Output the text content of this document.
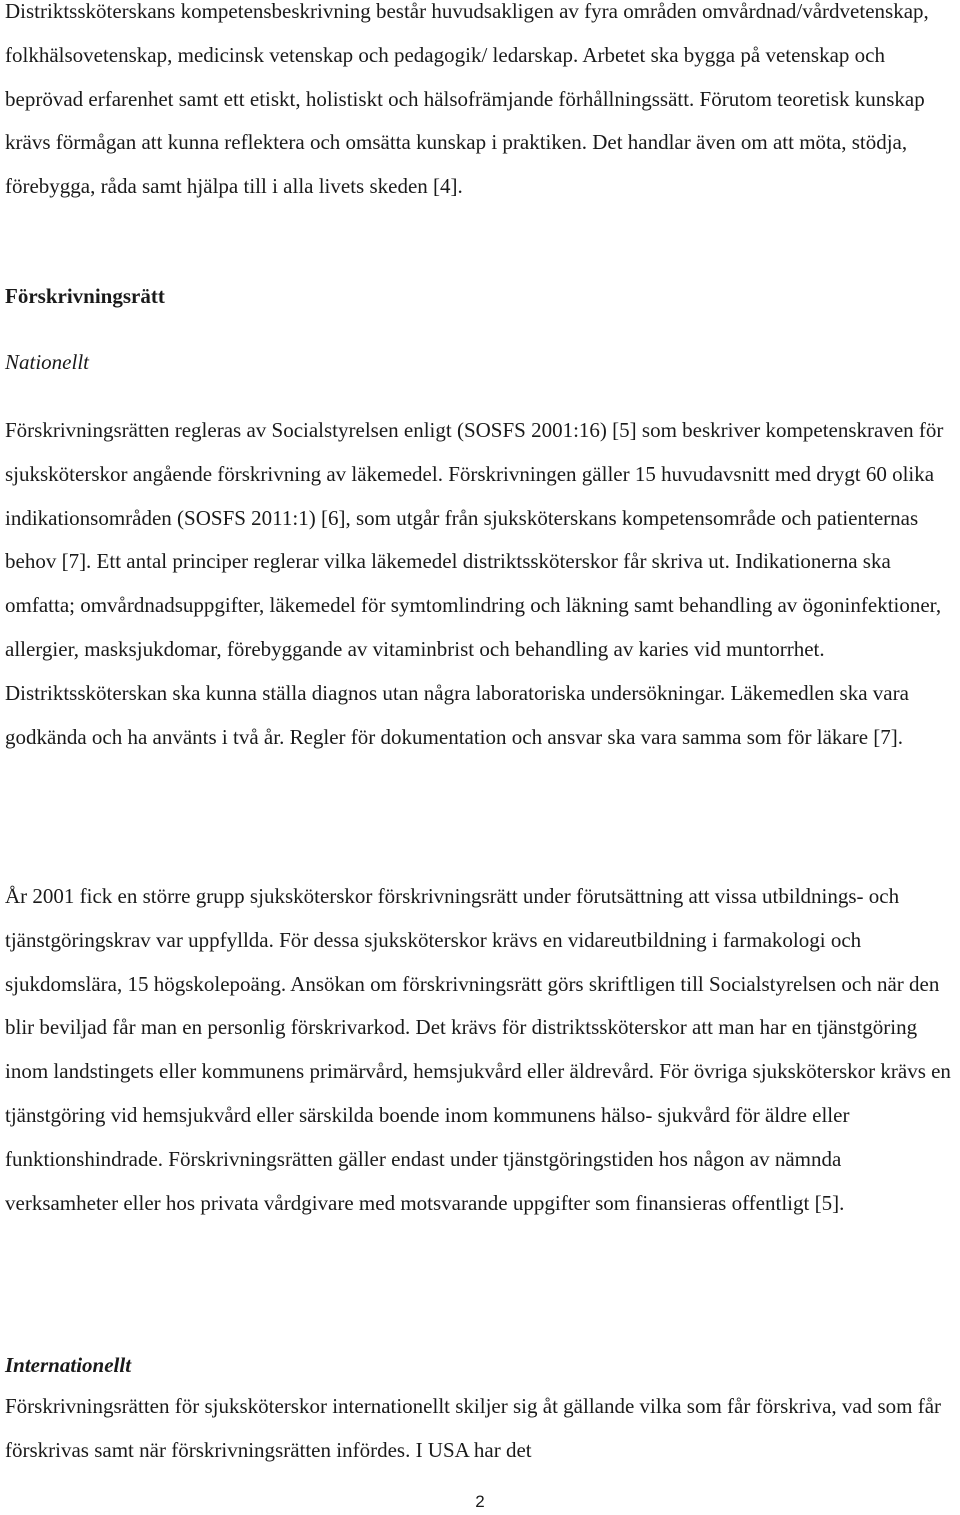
Distriktssköterskans kompetensbeskrivning består huvudsakligen av fyra områden omvårdnad/vårdvetenskap, folkhälsovetenskap, medicinsk vetenskap och pedagogik/ ledarskap. Arbetet ska bygga på vetenskap och beprövad erfarenhet samt ett etiskt, holistiskt och hälsofrämjande förhållningssätt. Förutom teoretisk kunskap krävs förmågan att kunna reflektera och omsätta kunskap i praktiken. Det handlar även om att möta, stödja, förebygga, råda samt hjälpa till i alla livets skeden [4].

Förskrivningsrätt
Nationellt

Förskrivningsrätten regleras av Socialstyrelsen enligt (SOSFS 2001:16) [5] som beskriver kompetenskraven för sjuksköterskor angående förskrivning av läkemedel. Förskrivningen gäller 15 huvudavsnitt med drygt 60 olika indikationsområden (SOSFS 2011:1) [6], som utgår från sjuksköterskans kompetensområde och patienternas behov [7]. Ett antal principer reglerar vilka läkemedel distriktssköterskor får skriva ut. Indikationerna ska omfatta; omvårdnadsuppgifter, läkemedel för symtomlindring och läkning samt behandling av ögoninfektioner, allergier, masksjukdomar, förebyggande av vitaminbrist och behandling av karies vid muntorrhet. Distriktssköterskan ska kunna ställa diagnos utan några laboratoriska undersökningar. Läkemedlen ska vara godkända och ha använts i två år. Regler för dokumentation och ansvar ska vara samma som för läkare [7].

År 2001 fick en större grupp sjuksköterskor förskrivningsrätt under förutsättning att vissa utbildnings- och tjänstgöringskrav var uppfyllda. För dessa sjuksköterskor krävs en vidareutbildning i farmakologi och sjukdomslära, 15 högskolepoäng. Ansökan om förskrivningsrätt görs skriftligen till Socialstyrelsen och när den blir beviljad får man en personlig förskrivarkod. Det krävs för distriktssköterskor att man har en tjänstgöring inom landstingets eller kommunens primärvård, hemsjukvård eller äldrevård. För övriga sjuksköterskor krävs en tjänstgöring vid hemsjukvård eller särskilda boende inom kommunens hälso- sjukvård för äldre eller funktionshindrade. Förskrivningsrätten gäller endast under tjänstgöringstiden hos någon av nämnda verksamheter eller hos privata vårdgivare med motsvarande uppgifter som finansieras offentligt [5].

Internationellt

Förskrivningsrätten för sjuksköterskor internationellt skiljer sig åt gällande vilka som får förskriva, vad som får förskrivas samt när förskrivningsrätten infördes. I USA har det

2
